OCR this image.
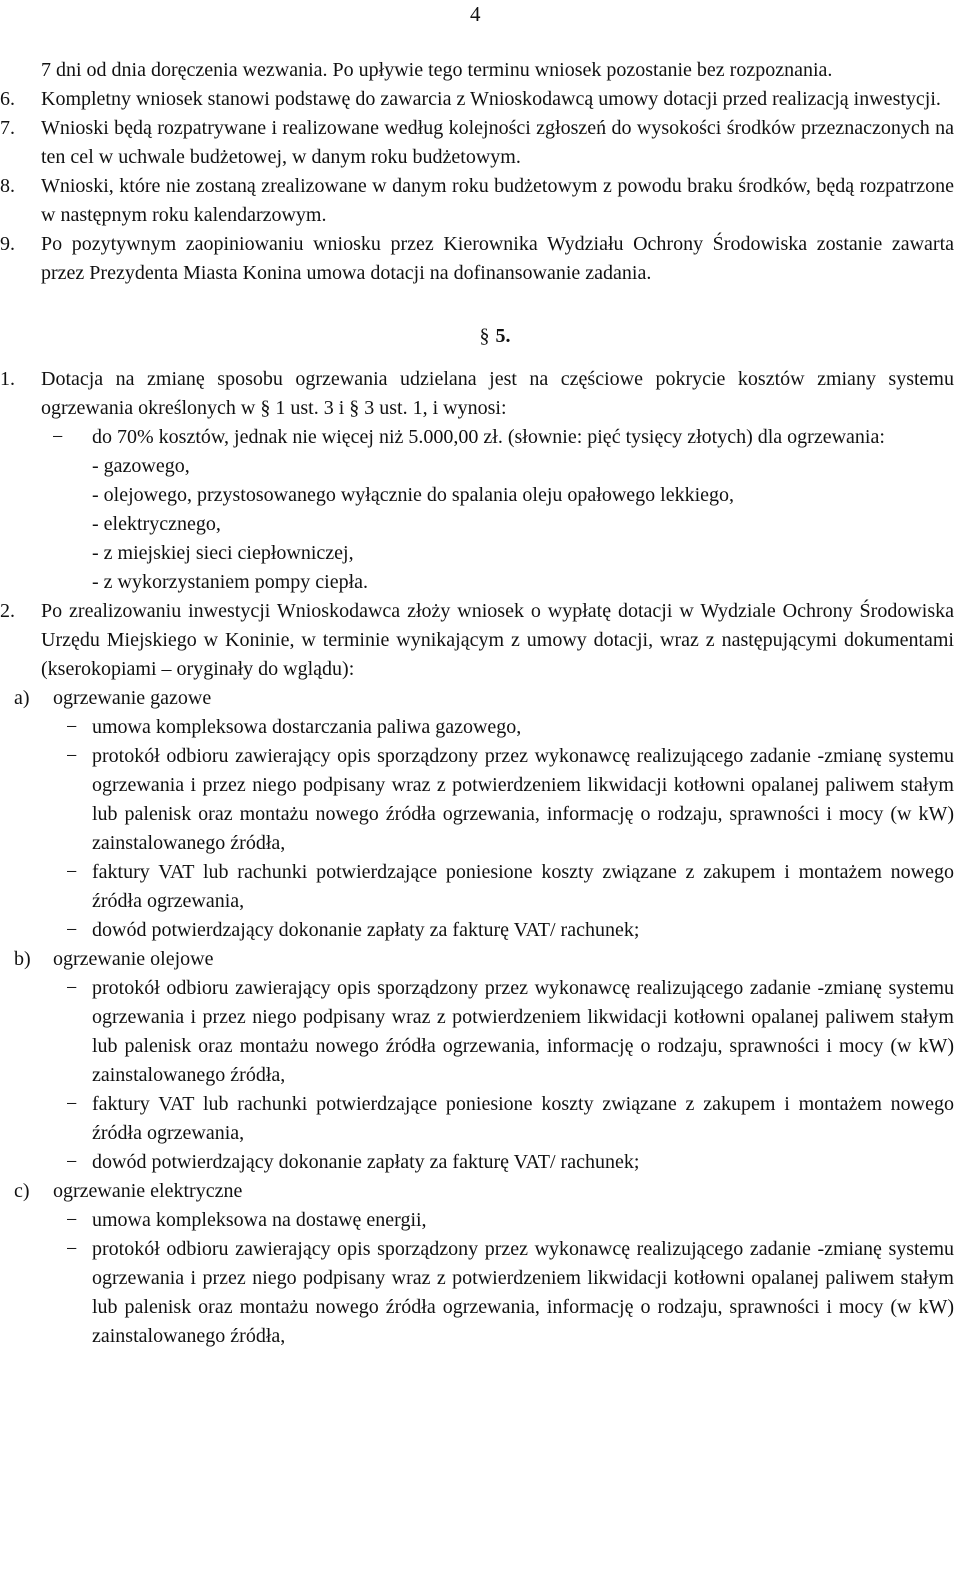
4

7 dni od dnia doręczenia wezwania. Po upływie tego terminu wniosek pozostanie bez rozpoznania.

6. Kompletny wniosek stanowi podstawę do zawarcia z Wnioskodawcą umowy dotacji przed realizacją inwestycji.

7. Wnioski będą rozpatrywane i realizowane według kolejności zgłoszeń do wysokości środków przeznaczonych na ten cel w uchwale budżetowej, w danym roku budżetowym.

8. Wnioski, które nie zostaną zrealizowane w danym roku budżetowym z powodu braku środków, będą rozpatrzone w następnym roku kalendarzowym.

9. Po pozytywnym zaopiniowaniu wniosku przez Kierownika Wydziału Ochrony Środowiska zostanie zawarta przez Prezydenta Miasta Konina umowa dotacji na dofinansowanie zadania.

§ 5.

1. Dotacja na zmianę sposobu ogrzewania udzielana jest na częściowe pokrycie kosztów zmiany systemu ogrzewania określonych w § 1 ust. 3 i § 3 ust. 1, i wynosi:

− do 70% kosztów, jednak nie więcej niż 5.000,00 zł. (słownie: pięć tysięcy złotych) dla ogrzewania:

- gazowego,

- olejowego, przystosowanego wyłącznie do spalania oleju opałowego lekkiego,

- elektrycznego,

- z miejskiej sieci ciepłowniczej,

- z wykorzystaniem pompy ciepła.

2. Po zrealizowaniu inwestycji Wnioskodawca złoży wniosek o wypłatę dotacji w Wydziale Ochrony Środowiska Urzędu Miejskiego w Koninie, w terminie wynikającym z umowy dotacji, wraz z następującymi dokumentami (kserokopiami – oryginały do wglądu):

a) ogrzewanie gazowe

− umowa kompleksowa dostarczania paliwa gazowego,

− protokół odbioru zawierający opis sporządzony przez wykonawcę realizującego zadanie -zmianę systemu ogrzewania i przez niego podpisany wraz z potwierdzeniem likwidacji kotłowni opalanej paliwem stałym lub palenisk oraz montażu nowego źródła ogrzewania, informację o rodzaju, sprawności i mocy (w kW) zainstalowanego źródła,

− faktury VAT lub rachunki potwierdzające poniesione koszty związane z zakupem i montażem nowego źródła ogrzewania,

− dowód potwierdzający dokonanie zapłaty za fakturę VAT/ rachunek;

b) ogrzewanie olejowe

− protokół odbioru zawierający opis sporządzony przez wykonawcę realizującego zadanie -zmianę systemu ogrzewania i przez niego podpisany wraz z potwierdzeniem likwidacji kotłowni opalanej paliwem stałym lub palenisk oraz montażu nowego źródła ogrzewania, informację o rodzaju, sprawności i mocy (w kW) zainstalowanego źródła,

− faktury VAT lub rachunki potwierdzające poniesione koszty związane z zakupem i montażem nowego źródła ogrzewania,

− dowód potwierdzający dokonanie zapłaty za fakturę VAT/ rachunek;

c) ogrzewanie elektryczne

− umowa kompleksowa na dostawę energii,

− protokół odbioru zawierający opis sporządzony przez wykonawcę realizującego zadanie -zmianę systemu ogrzewania i przez niego podpisany wraz z potwierdzeniem likwidacji kotłowni opalanej paliwem stałym lub palenisk oraz montażu nowego źródła ogrzewania, informację o rodzaju, sprawności i mocy (w kW) zainstalowanego źródła,
